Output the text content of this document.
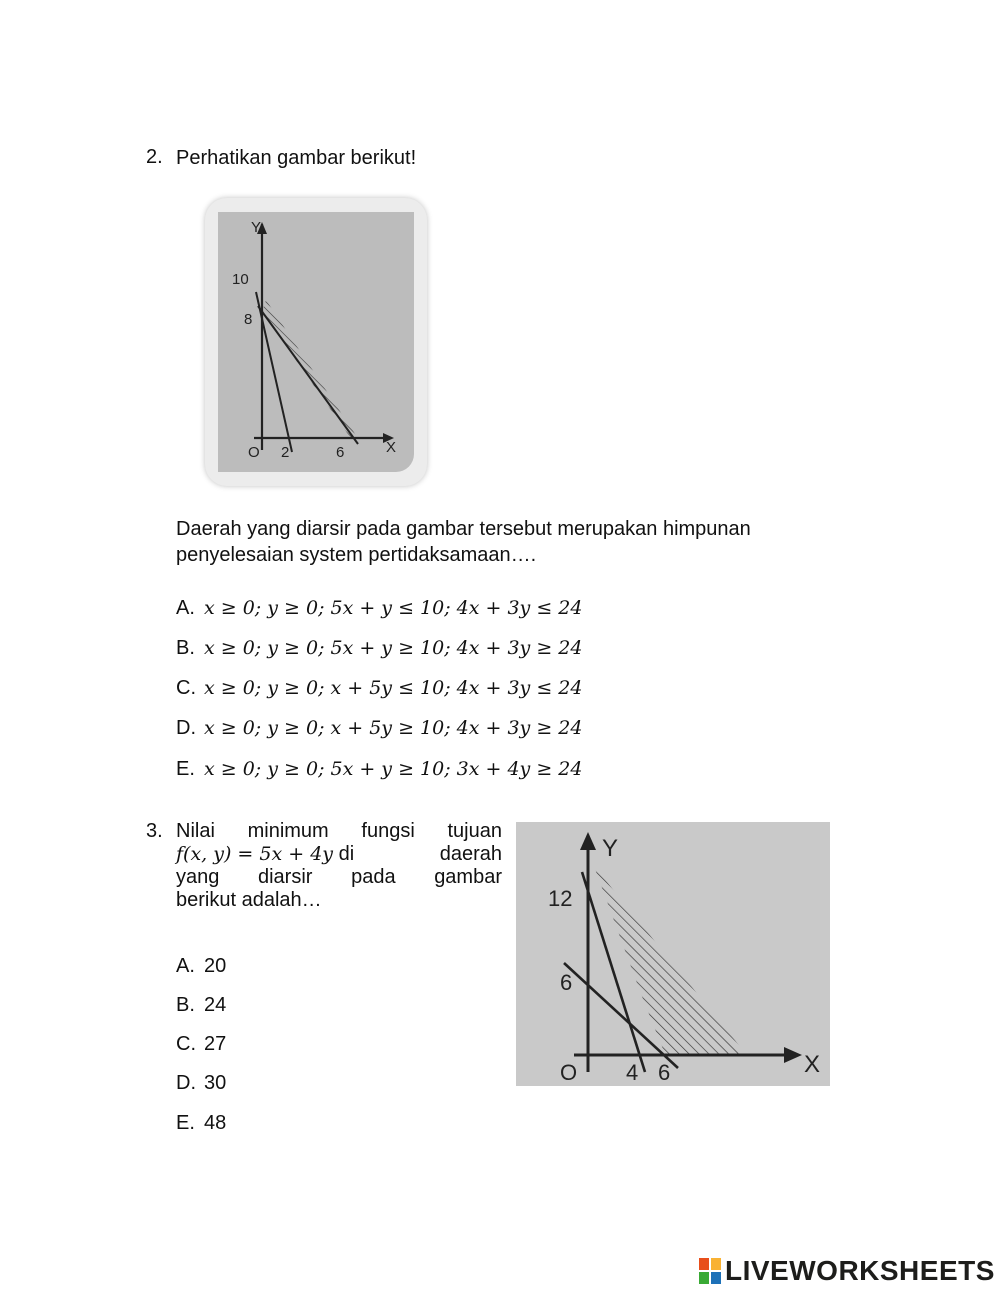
2. Perhatikan gambar berikut!
Y
X
10
8
O 2	6
Daerah yang diarsir pada gambar tersebut merupakan himpunan
penyelesaian system pertidaksamaan….
A. x ≥ 0; y ≥ 0; 5x + y ≤ 10; 4x + 3y ≤ 24
B. x ≥ 0; y ≥ 0; 5x + y ≥ 10; 4x + 3y ≥ 24
C. x ≥ 0; y ≥ 0; x + 5y ≤ 10; 4x + 3y ≤ 24
D. x ≥ 0; y ≥ 0; x + 5y ≥ 10; 4x + 3y ≥ 24
E. x ≥ 0; y ≥ 0; 5x + y ≥ 10; 3x + 4y ≥ 24
3. Nilai minimum fungsi tujuan
f(x, y) = 5x + 4y di	daerah
yang diarsir pada gambar
berikut adalah…
Y
X
12
6
O 4 6
A. 20
B. 24
C. 27
D. 30
E. 48
LIVEWORKSHEETS
